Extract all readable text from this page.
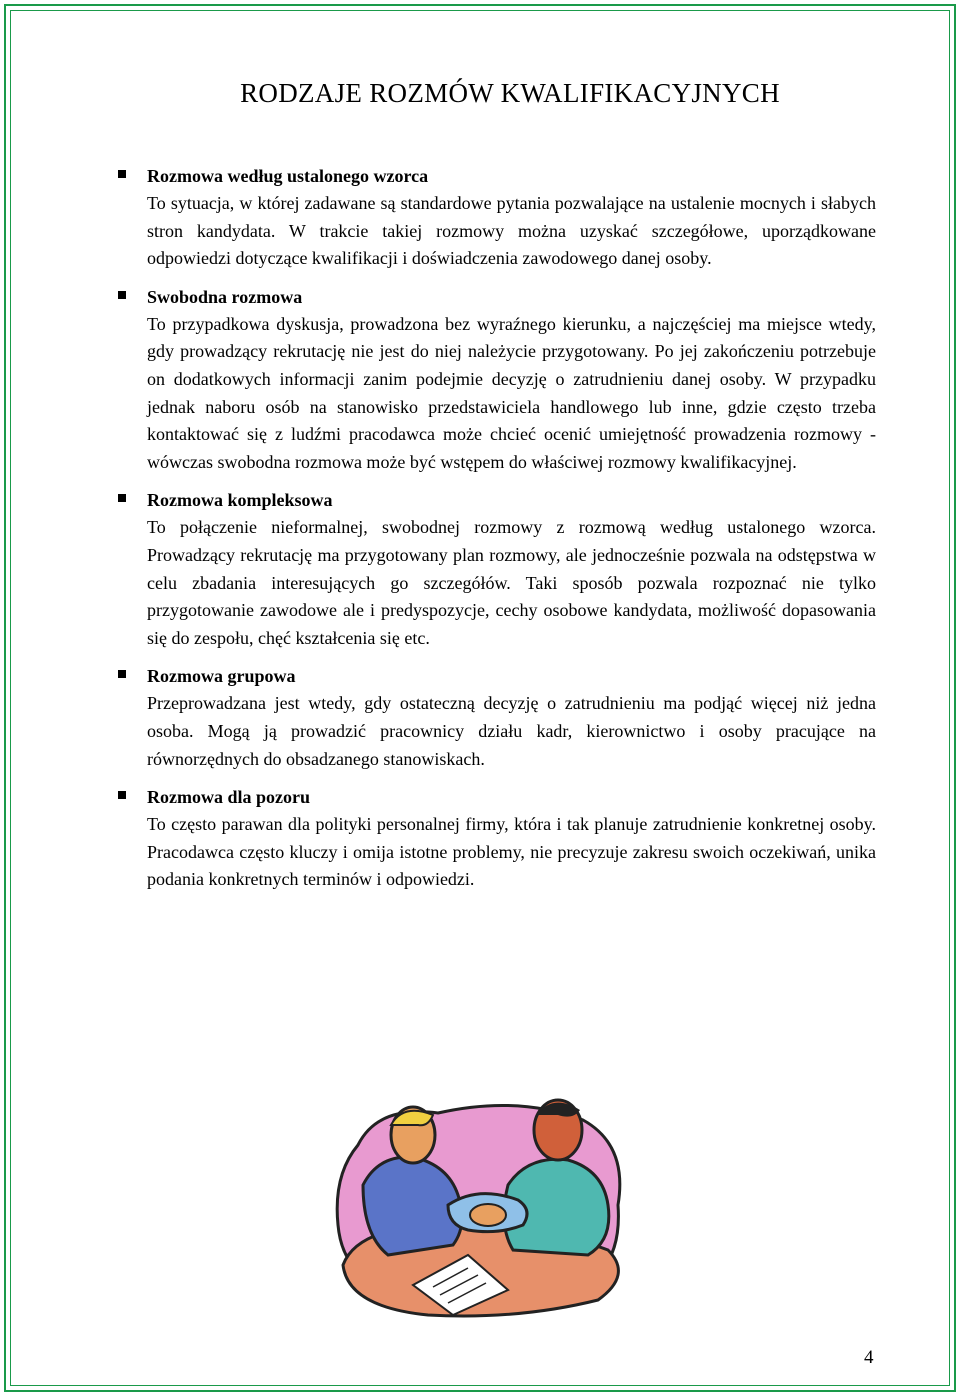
RODZAJE ROZMÓW KWALIFIKACYJNYCH

Rozmowa według ustalonego wzorca

To sytuacja, w której zadawane są standardowe pytania pozwalające na ustalenie mocnych i słabych stron kandydata. W trakcie takiej rozmowy można uzyskać szczegółowe, uporządkowane odpowiedzi dotyczące kwalifikacji i doświadczenia zawodowego danej osoby.

Swobodna rozmowa

To przypadkowa dyskusja, prowadzona bez wyraźnego kierunku, a najczęściej ma miejsce wtedy, gdy prowadzący rekrutację nie jest do niej należycie przygotowany. Po jej zakończeniu potrzebuje on dodatkowych informacji zanim podejmie decyzję o zatrudnieniu danej osoby. W przypadku jednak naboru osób na stanowisko przedstawiciela handlowego lub inne, gdzie często trzeba kontaktować się z ludźmi pracodawca może chcieć ocenić umiejętność prowadzenia rozmowy - wówczas swobodna rozmowa może być wstępem do właściwej rozmowy kwalifikacyjnej.

Rozmowa kompleksowa

To połączenie nieformalnej, swobodnej rozmowy z rozmową według ustalonego wzorca. Prowadzący rekrutację ma przygotowany plan rozmowy, ale jednocześnie pozwala na odstępstwa w celu zbadania interesujących go szczegółów. Taki sposób pozwala rozpoznać nie tylko przygotowanie zawodowe ale i predyspozycje, cechy osobowe kandydata, możliwość dopasowania się do zespołu, chęć kształcenia się etc.

Rozmowa grupowa

Przeprowadzana jest wtedy, gdy ostateczną decyzję o zatrudnieniu ma podjąć więcej niż jedna osoba. Mogą ją prowadzić pracownicy działu kadr, kierownictwo i osoby pracujące na równorzędnych do obsadzanego stanowiskach.

Rozmowa dla pozoru

To często parawan dla polityki personalnej firmy, która i tak planuje zatrudnienie konkretnej osoby. Pracodawca często kluczy i omija istotne problemy, nie precyzuje zakresu swoich oczekiwań, unika podania konkretnych terminów i odpowiedzi.

4
